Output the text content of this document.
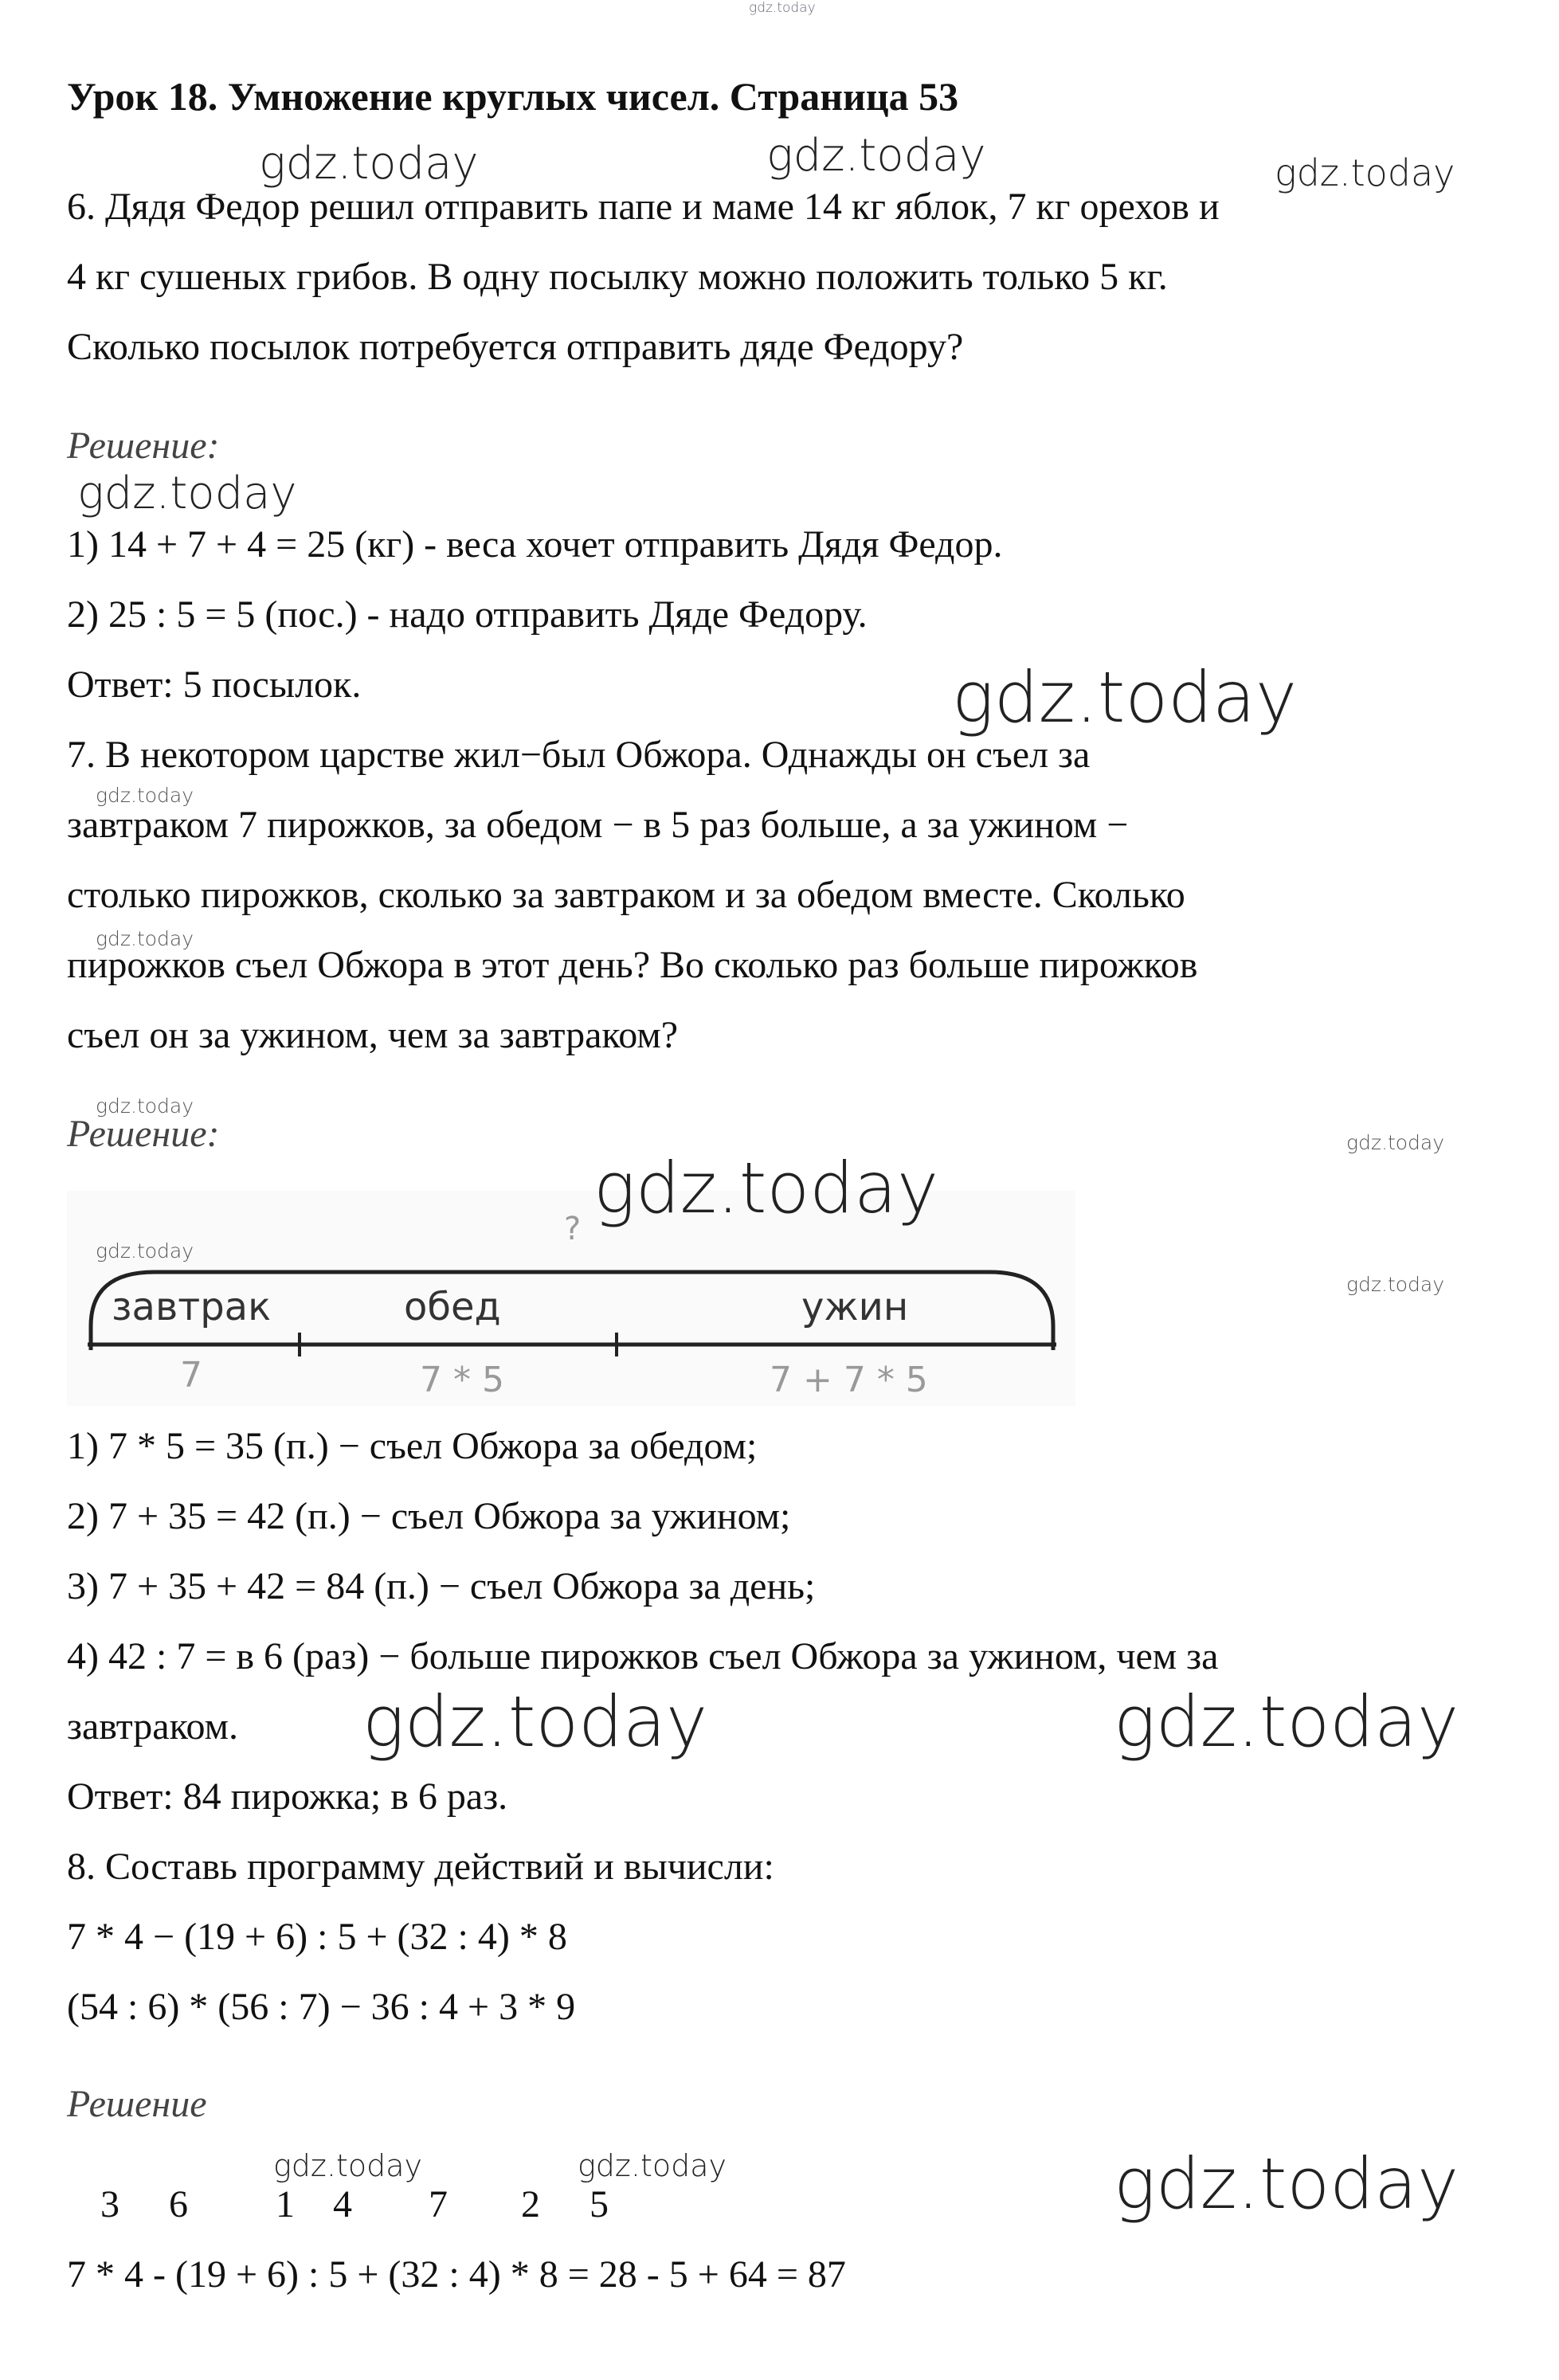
gdz.today
Урок 18. Умножение круглых чисел. Страница 53
gdz.today	gdz.today	gdz.today
6. Дядя Федор решил отправить папе и маме 14 кг яблок, 7 кг орехов и
4 кг сушеных грибов. В одну посылку можно положить только 5 кг.
Сколько посылок потребуется отправить дяде Федору?
Решение:
gdz.today
1) 14 + 7 + 4 = 25 (кг) - веса хочет отправить Дядя Федор.
2) 25 : 5 = 5 (пос.) - надо отправить Дяде Федору.
Ответ: 5 посылок.	gdz.today
7. В некотором царстве жил−был Обжора. Однажды он съел за
gdz.today
завтраком 7 пирожков, за обедом − в 5 раз больше, а за ужином −
столько пирожков, сколько за завтраком и за обедом вместе. Сколько
gdz.today
пирожков съел Обжора в этот день? Во сколько раз больше пирожков
съел он за ужином, чем за завтраком?
gdz.today
Решение:	gdz.today
?
завтрак	обед	ужин
7	7 * 5	7 + 7 * 5
gdz.today
gdz.today
gdz.today
1) 7 * 5 = 35 (п.) − съел Обжора за обедом;
2) 7 + 35 = 42 (п.) − съел Обжора за ужином;
3) 7 + 35 + 42 = 84 (п.) − съел Обжора за день;
4) 42 : 7 = в 6 (раз) − больше пирожков съел Обжора за ужином, чем за
завтраком. gdz.today	gdz.today
Ответ: 84 пирожка; в 6 раз.
8. Составь программу действий и вычисли:
7 * 4 − (19 + 6) : 5 + (32 : 4) * 8
(54 : 6) * (56 : 7) − 36 : 4 + 3 * 9
Решение
gdz.today	gdz.today	gdz.today
3 6 1 4 7 2 5
7 * 4 - (19 + 6) : 5 + (32 : 4) * 8 = 28 - 5 + 64 = 87
